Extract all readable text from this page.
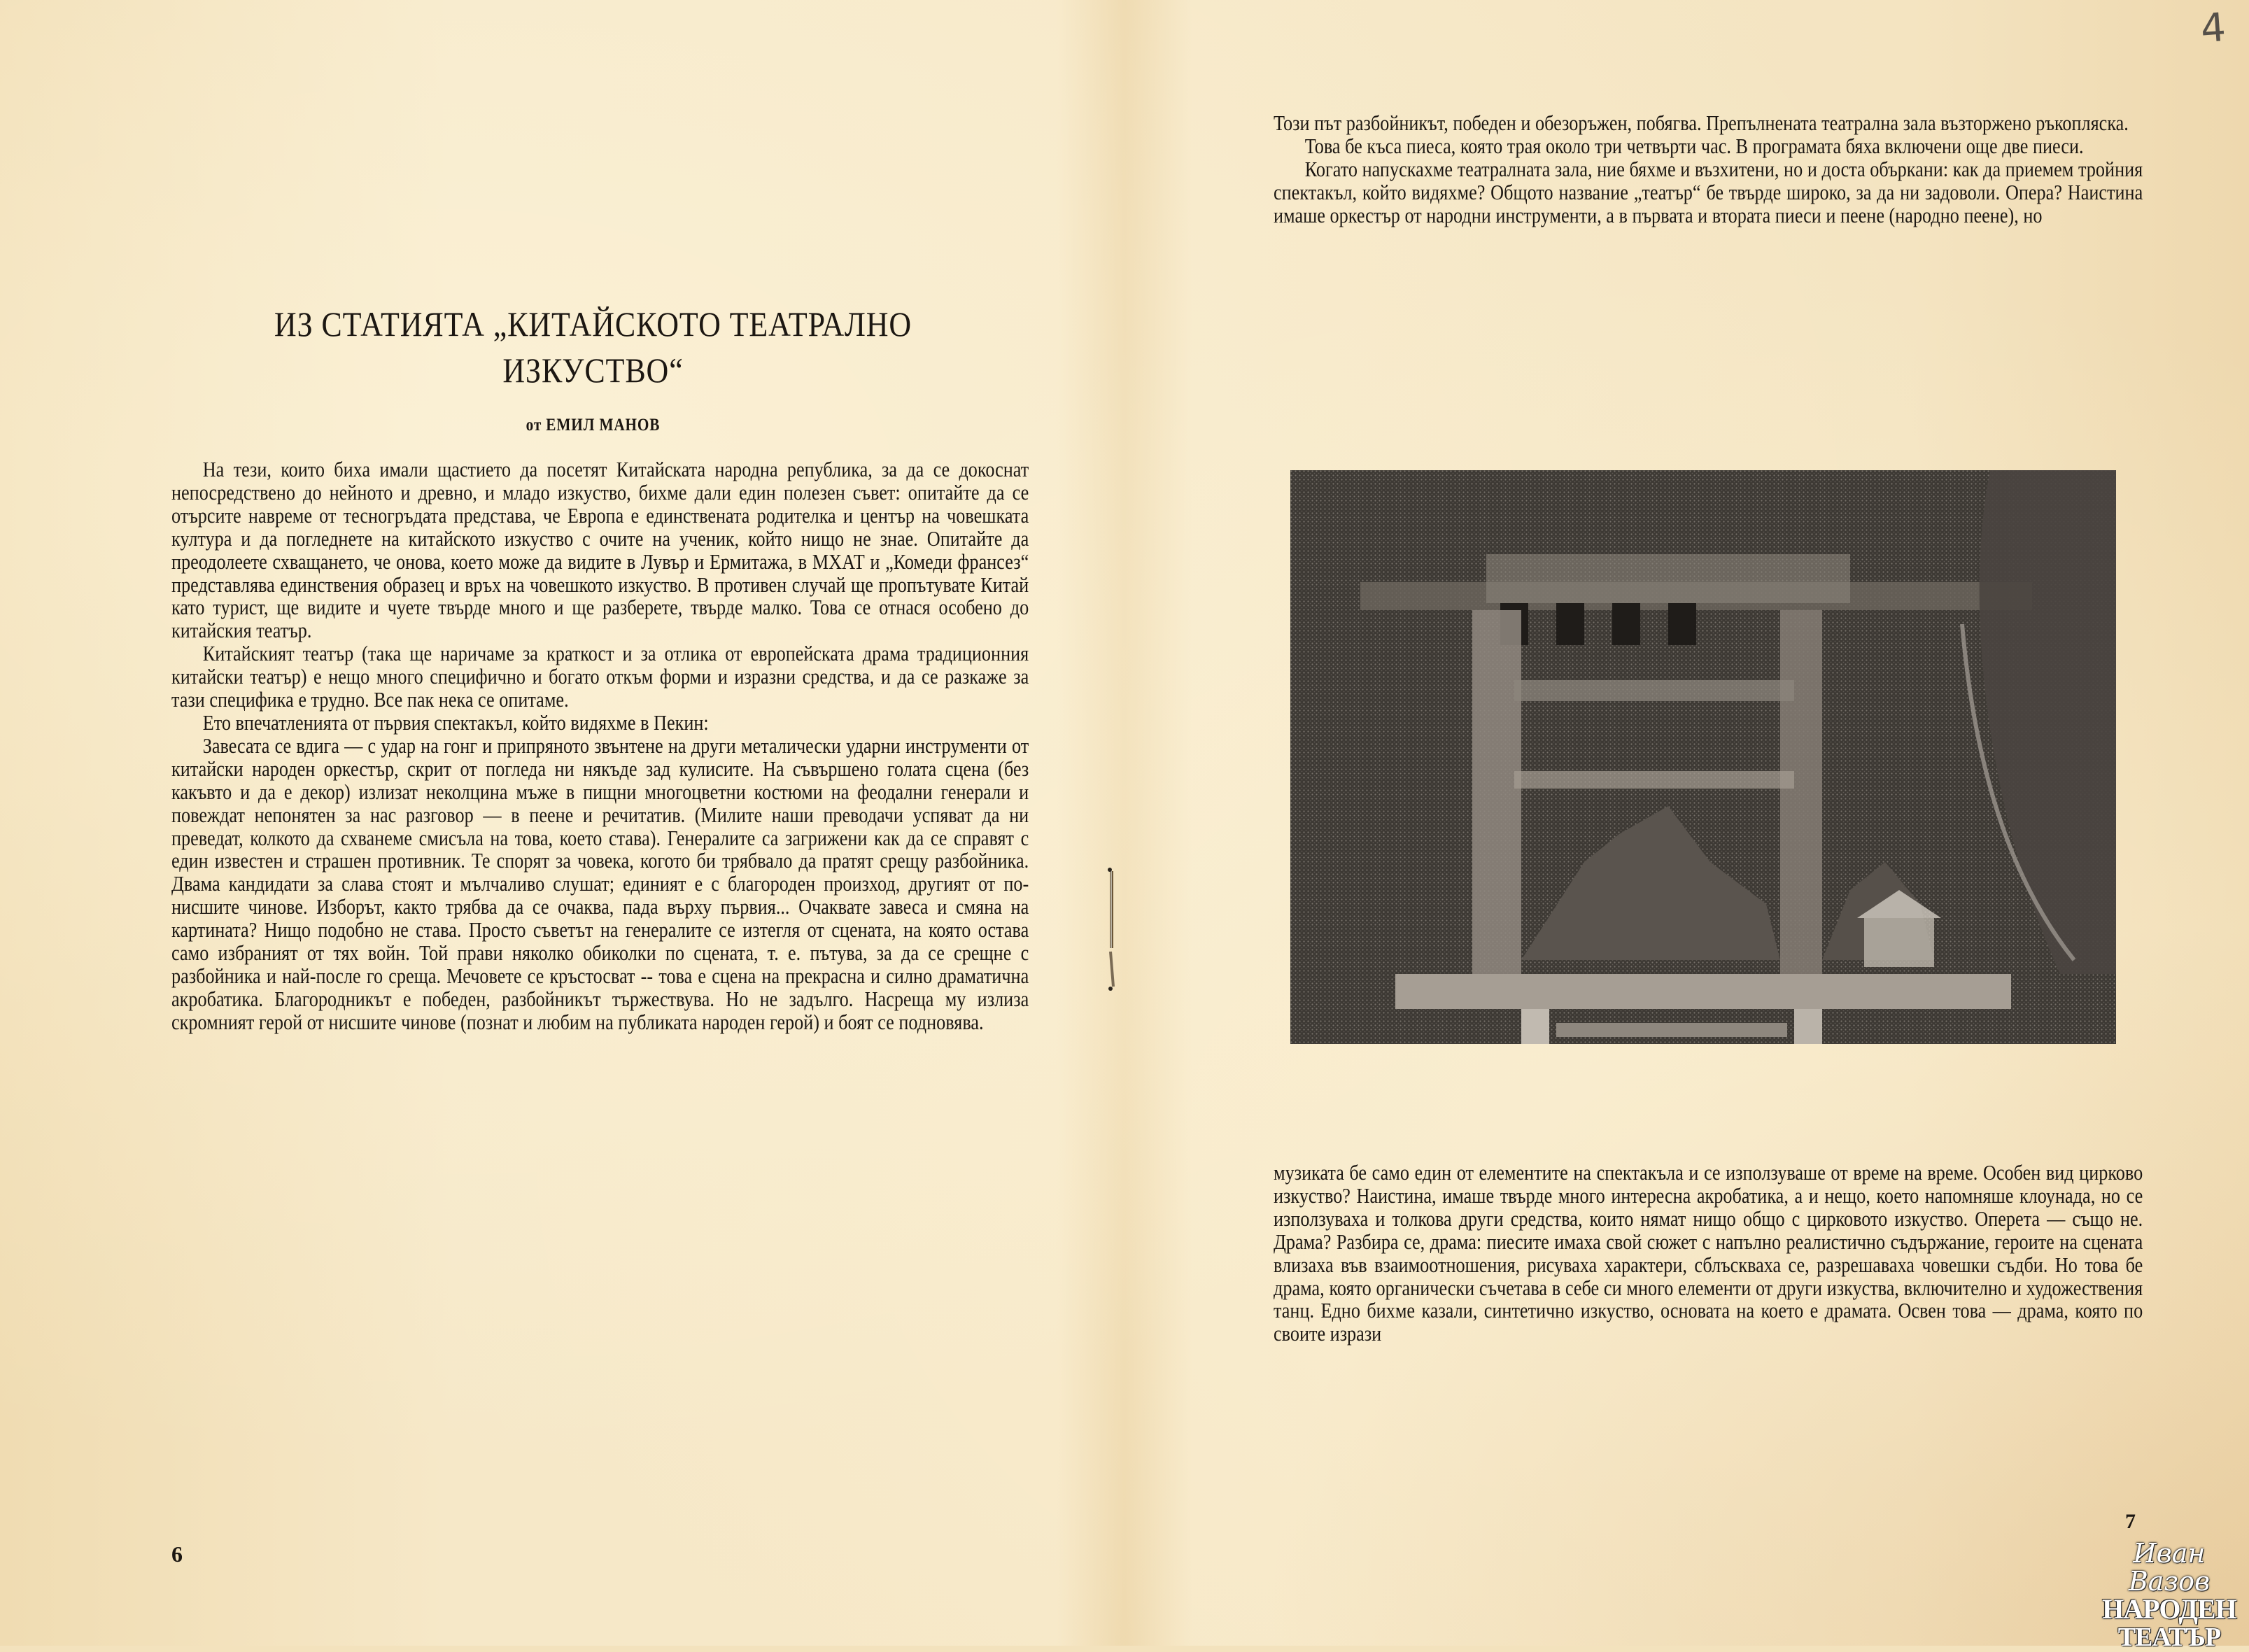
ИЗ СТАТИЯТА „КИТАЙСКОТО ТЕАТРАЛНО
ИЗКУСТВО“
от ЕМИЛ МАНОВ

На тези, които биха имали щастието да посетят Китайската народна република, за да се докоснат непосредствено до нейното и древно, и младо изкуство, бихме дали един полезен съвет: опитайте да се отърсите навреме от тесногръдата представа, че Европа е единствената родителка и център на човешката култура и да погледнете на китайското изкуство с очите на ученик, който нищо не знае. Опитайте да преодолеете схващането, че онова, което може да видите в Лувър и Ермитажа, в МХАТ и „Комеди франсез“ представлява единствения образец и връх на човешкото изкуство. В противен случай ще пропътувате Китай като турист, ще видите и чуете твърде много и ще разберете, твърде малко. Това се отнася особено до китайския театър.

Китайският театър (така ще наричаме за краткост и за отлика от европейската драма традиционния китайски театър) е нещо много специфично и богато откъм форми и изразни средства, и да се разкаже за тази специфика е трудно. Все пак нека се опитаме.

Ето впечатленията от първия спектакъл, който видяхме в Пекин:

Завесата се вдига — с удар на гонг и припряното звънтене на други металически ударни инструменти от китайски народен оркестър, скрит от погледа ни някъде зад кулисите. На съвършено голата сцена (без какъвто и да е декор) излизат неколцина мъже в пищни многоцветни костюми на феодални генерали и повеждат непонятен за нас разговор — в пеене и речитатив. (Милите наши преводачи успяват да ни преведат, колкото да схванеме смисъла на това, което става). Генералите са загрижени как да се справят с един известен и страшен противник. Те спорят за човека, когото би трябвало да пратят срещу разбойника. Двама кандидати за слава стоят и мълчаливо слушат; единият е с благороден произход, другият от по-нисшите чинове. Изборът, както трябва да се очаква, пада върху първия... Очаквате завеса и смяна на картината? Нищо подобно не става. Просто съветът на генералите се изтегля от сцената, на която остава само избраният от тях войн. Той прави няколко обиколки по сцената, т. е. пътува, за да се срещне с разбойника и най-после го среща. Мечовете се кръстосват -- това е сцена на прекрасна и силно драматична акробатика. Благородникът е победен, разбойникът тържествува. Но не задълго. Насреща му излиза скромният герой от нисшите чинове (познат и любим на публиката народен герой) и боят се подновява.

6

Този път разбойникът, победен и обезоръжен, побягва. Препълнената театрална зала възторжено ръкопляска.

Това бе къса пиеса, която трая около три четвърти час. В програмата бяха включени още две пиеси.

Когато напускахме театралната зала, ние бяхме и възхитени, но и доста объркани: как да приемем тройния спектакъл, който видяхме? Общото название „театър“ бе твърде широко, за да ни задоволи. Опера? Наистина имаше оркестър от народни инструменти, а в първата и втората пиеси и пеене (народно пеене), но

музиката бе само един от елементите на спектакъла и се използуваше от време на време. Особен вид цирково изкуство? Наистина, имаше твърде много интересна акробатика, а и нещо, което напомняше клоунада, но се използуваха и толкова други средства, които нямат нищо общо с цирковото изкуство. Оперета — също не. Драма? Разбира се, драма: пиесите имаха свой сюжет с напълно реалистично съдържание, героите на сцената влизаха във взаимоотношения, рисуваха характери, сблъскваха се, разрешаваха човешки съдби. Но това бе драма, която органически съчетава в себе си много елементи от други изкуства, включително и художествения танц. Едно бихме казали, синтетично изкуство, основата на което е драмата. Освен това — драма, която по своите изрази

7
4
Иван Вазов
НАРОДЕН
ТЕАТЪР
